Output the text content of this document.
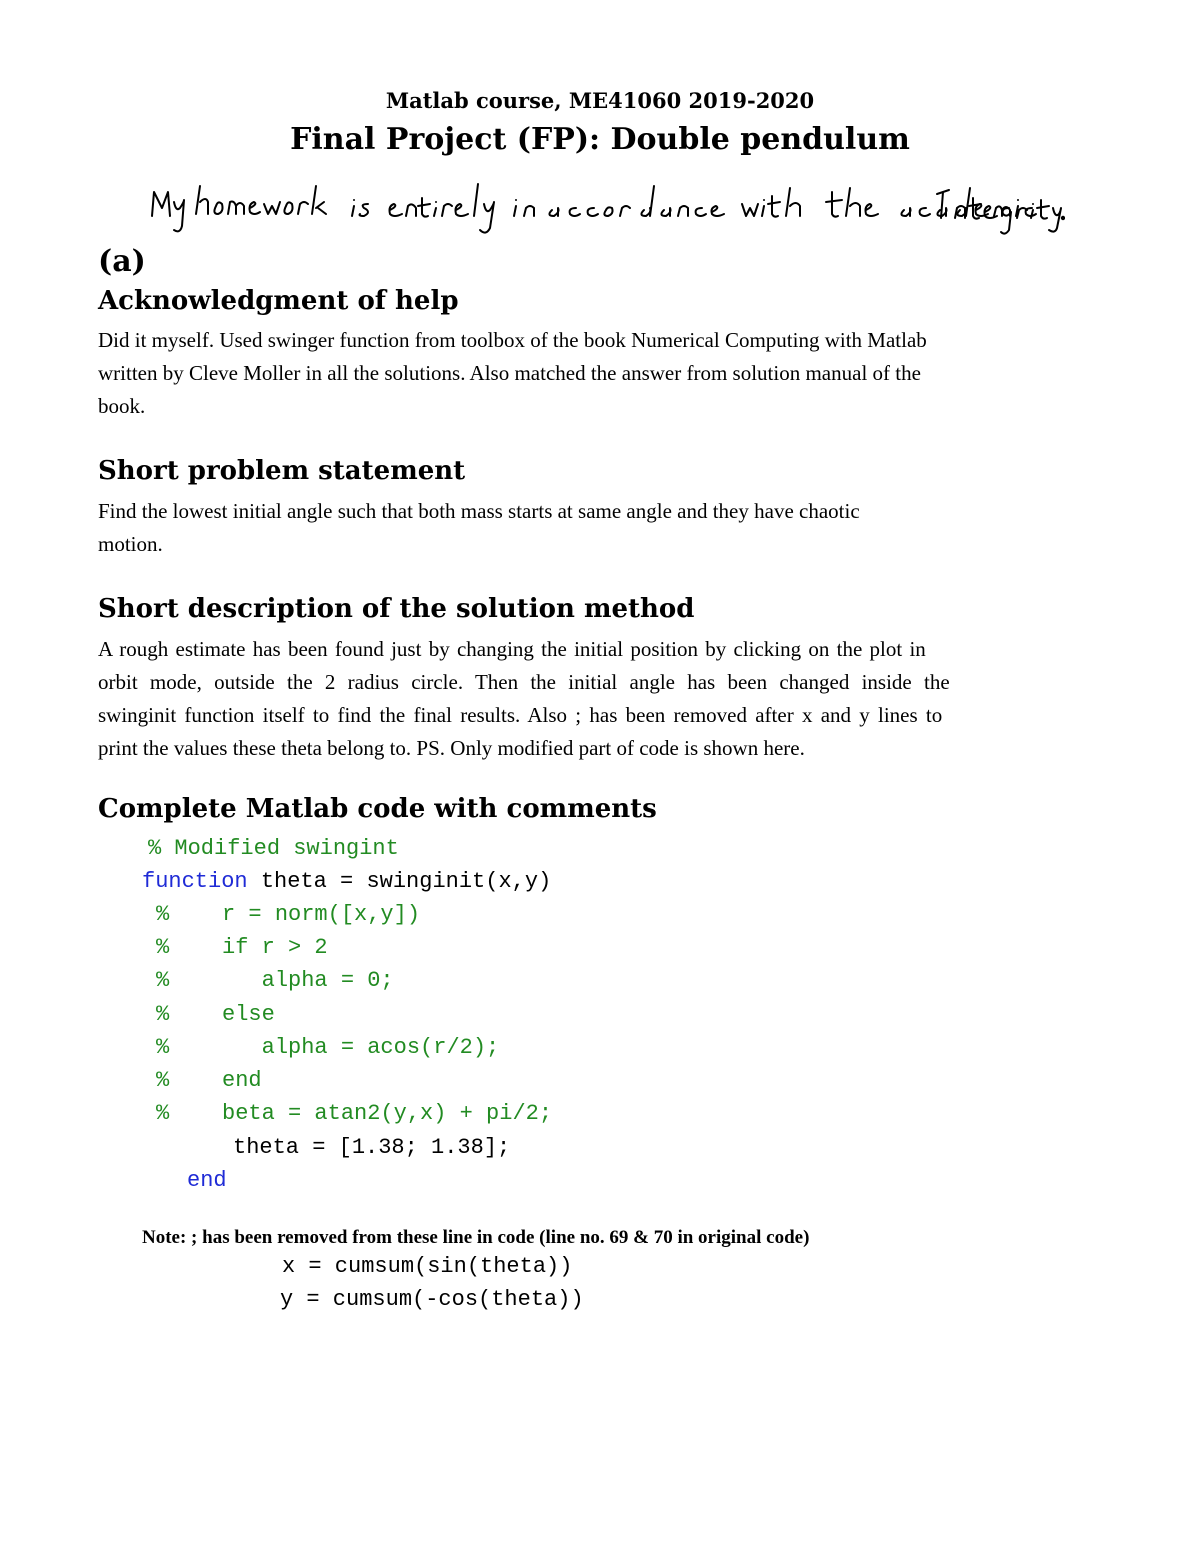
Matlab course, ME41060 2019-2020
Final Project (FP): Double pendulum
(a)
Acknowledgment of help

Did it myself. Used swinger function from toolbox of the book Numerical Computing with Matlab

written by Cleve Moller in all the solutions. Also matched the answer from solution manual of the

book.

Short problem statement

Find the lowest initial angle such that both mass starts at same angle and they have chaotic

motion.

Short description of the solution method

A rough estimate has been found just by changing the initial position by clicking on the plot in

orbit mode, outside the 2 radius circle. Then the initial angle has been changed inside the

swinginit function itself to find the final results. Also ; has been removed after x and y lines to

print the values these theta belong to. PS. Only modified part of code is shown here.

Complete Matlab code with comments
% Modified swingint
function theta = swinginit(x,y)
%    r = norm([x,y])
%    if r > 2
%       alpha = 0;
%    else
%       alpha = acos(r/2);
%    end
%    beta = atan2(y,x) + pi/2;
theta = [1.38; 1.38];
end
Note: ; has been removed from these line in code (line no. 69 & 70 in original code)
x = cumsum(sin(theta))
y = cumsum(-cos(theta))
